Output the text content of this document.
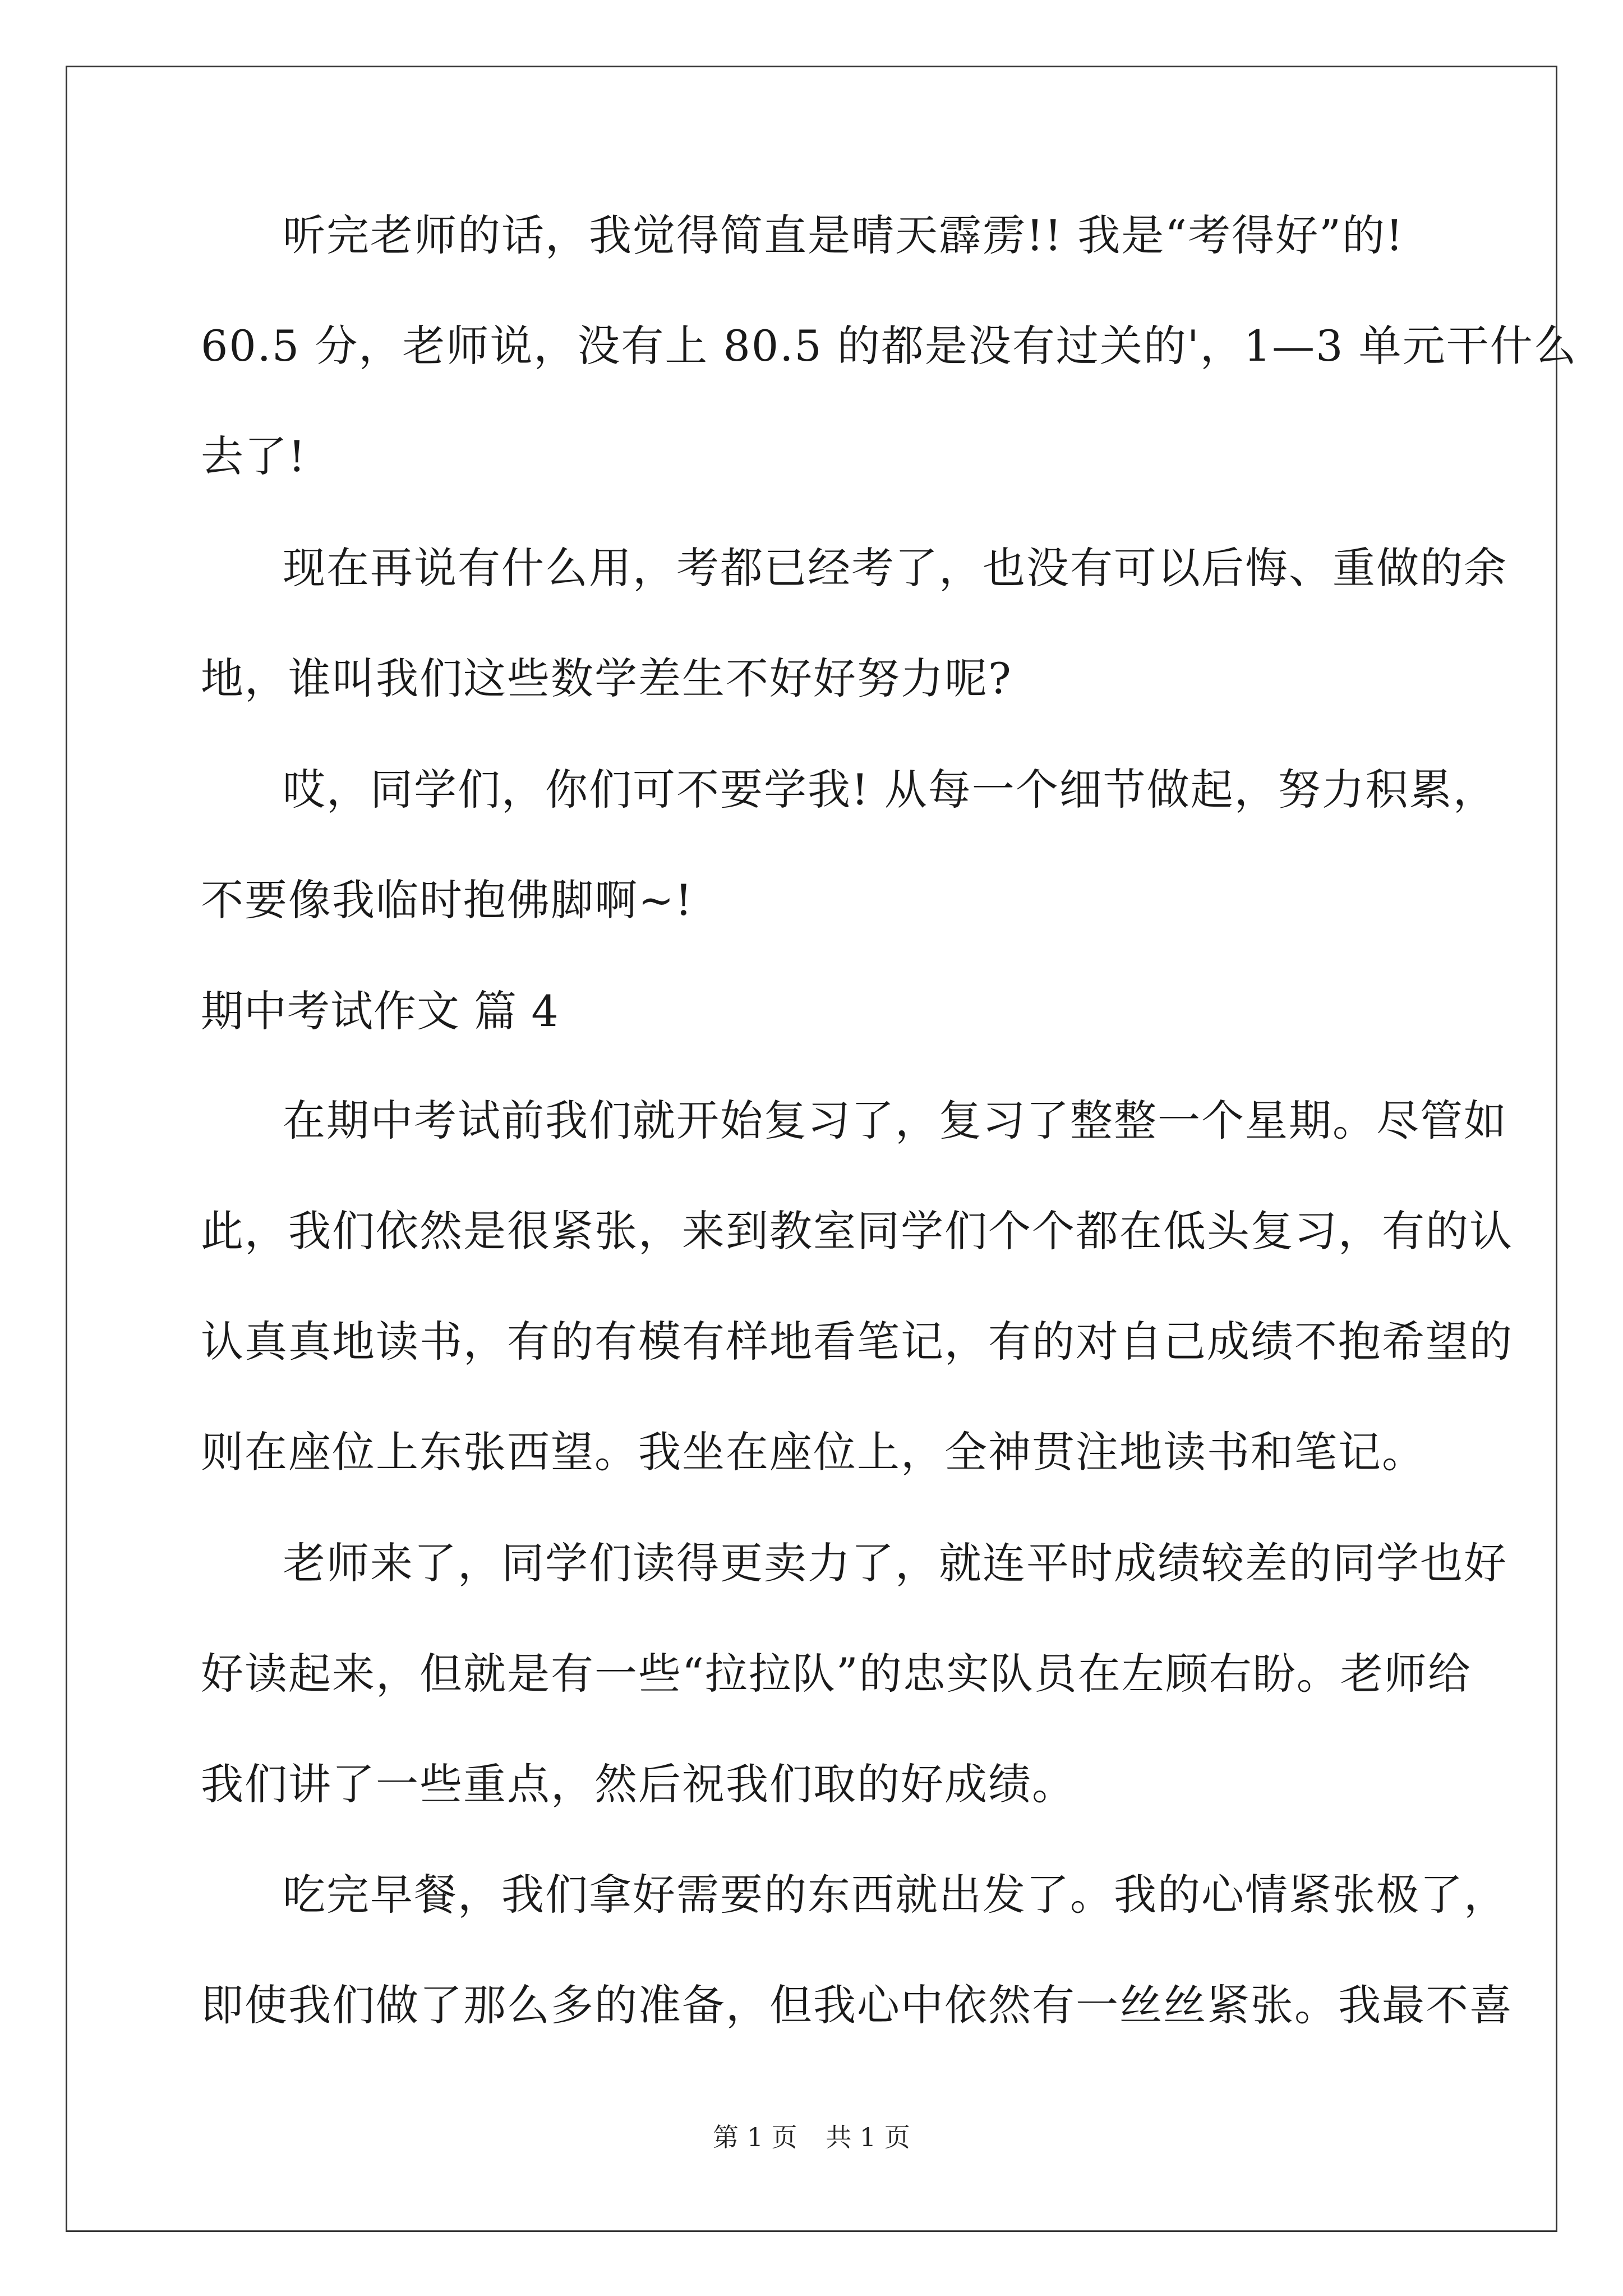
听完老师的话，我觉得简直是晴天霹雳!! 我是“考得好”的!
60.5 分，老师说，没有上 80.5 的都是没有过关的'，1—3 单元干什么
去了!
现在再说有什么用，考都已经考了，也没有可以后悔、重做的余
地，谁叫我们这些数学差生不好好努力呢?
哎，同学们，你们可不要学我! 从每一个细节做起，努力积累，
不要像我临时抱佛脚啊~!
期中考试作文 篇 4
在期中考试前我们就开始复习了，复习了整整一个星期。尽管如
此，我们依然是很紧张，来到教室同学们个个都在低头复习，有的认
认真真地读书，有的有模有样地看笔记，有的对自己成绩不抱希望的
则在座位上东张西望。我坐在座位上，全神贯注地读书和笔记。
老师来了，同学们读得更卖力了，就连平时成绩较差的同学也好
好读起来，但就是有一些“拉拉队”的忠实队员在左顾右盼。老师给
我们讲了一些重点，然后祝我们取的好成绩。
吃完早餐，我们拿好需要的东西就出发了。我的心情紧张极了，
即使我们做了那么多的准备，但我心中依然有一丝丝紧张。我最不喜
第 1 页 共 1 页
